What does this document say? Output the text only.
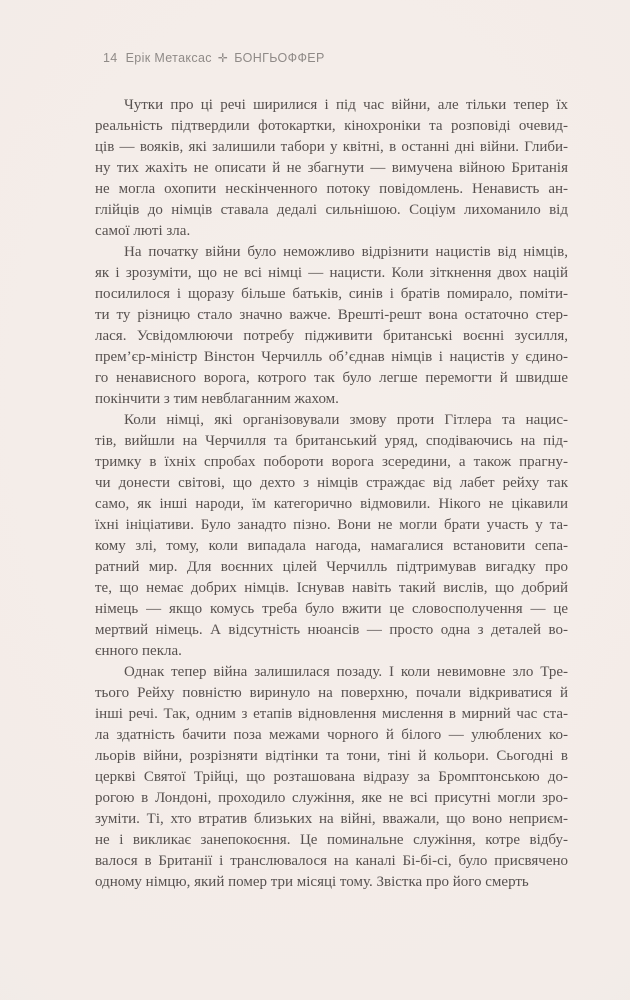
14 Ерік Метаксас ✛ БОНГЬОФФЕР

Чутки про ці речі ширилися і під час війни, але тільки тепер їх
реальність підтвердили фотокартки, кінохроніки та розповіді очевид-
ців — вояків, які залишили табори у квітні, в останні дні війни. Глиби-
ну тих жахіть не описати й не збагнути — вимучена війною Британія
не могла охопити нескінченного потоку повідомлень. Ненависть ан-
глійців до німців ставала дедалі сильнішою. Соціум лихоманило від
самої люті зла.

На початку війни було неможливо відрізнити нацистів від німців,
як і зрозуміти, що не всі німці — нацисти. Коли зіткнення двох націй
посилилося і щоразу більше батьків, синів і братів помирало, поміти-
ти ту різницю стало значно важче. Врешті-решт вона остаточно стер-
лася. Усвідомлюючи потребу підживити британські воєнні зусилля,
прем’єр-міністр Вінстон Черчилль об’єднав німців і нацистів у єдино-
го ненависного ворога, котрого так було легше перемогти й швидше
покінчити з тим невблаганним жахом.

Коли німці, які організовували змову проти Гітлера та нацис-
тів, вийшли на Черчилля та британський уряд, сподіваючись на під-
тримку в їхніх спробах побороти ворога зсередини, а також прагну-
чи донести світові, що дехто з німців страждає від лабет рейху так
само, як інші народи, їм категорично відмовили. Нікого не цікавили
їхні ініціативи. Було занадто пізно. Вони не могли брати участь у та-
кому злі, тому, коли випадала нагода, намагалися встановити сепа-
ратний мир. Для воєнних цілей Черчилль підтримував вигадку про
те, що немає добрих німців. Існував навіть такий вислів, що добрий
німець — якщо комусь треба було вжити це словосполучення — це
мертвий німець. А відсутність нюансів — просто одна з деталей во-
єнного пекла.

Однак тепер війна залишилася позаду. І коли невимовне зло Тре-
тього Рейху повністю виринуло на поверхню, почали відкриватися й
інші речі. Так, одним з етапів відновлення мислення в мирний час ста-
ла здатність бачити поза межами чорного й білого — улюблених ко-
льорів війни, розрізняти відтінки та тони, тіні й кольори. Сьогодні в
церкві Святої Трійці, що розташована відразу за Бромптонською до-
рогою в Лондоні, проходило служіння, яке не всі присутні могли зро-
зуміти. Ті, хто втратив близьких на війні, вважали, що воно неприєм-
не і викликає занепокоєння. Це поминальне служіння, котре відбу-
валося в Британії і транслювалося на каналі Бі-бі-сі, було присвячено
одному німцю, який помер три місяці тому. Звістка про його смерть
